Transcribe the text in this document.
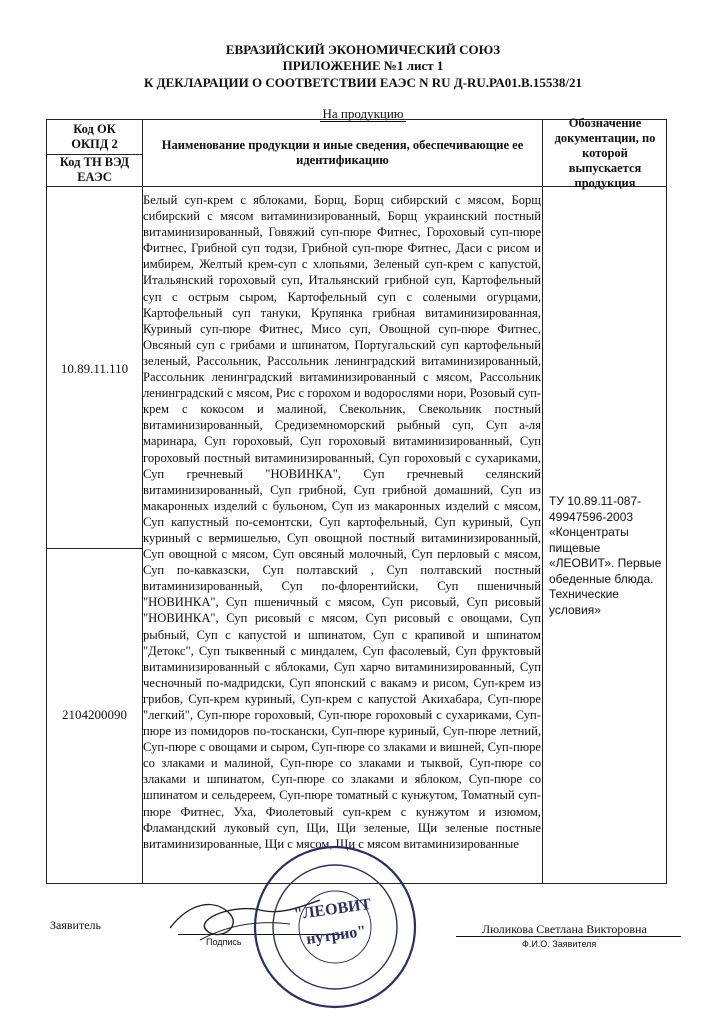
ЕВРАЗИЙСКИЙ ЭКОНОМИЧЕСКИЙ СОЮЗ
ПРИЛОЖЕНИЕ №1 лист 1
К ДЕКЛАРАЦИИ О СООТВЕТСТВИИ ЕАЭС N RU Д-RU.РА01.В.15538/21
На продукцию
Код ОК ОКПД 2
Код ТН ВЭД ЕАЭС
Наименование продукции и иные сведения, обеспечивающие ее идентификацию
Обозначение документации, по которой выпускается продукция
10.89.11.110
2104200090
Белый суп-крем с яблоками, Борщ, Борщ сибирский с мясом, Борщ сибирский с мясом витаминизированный, Борщ украинский постный витаминизированный, Говяжий суп-пюре Фитнес, Гороховый суп-пюре Фитнес, Грибной суп тодзи, Грибной суп-пюре Фитнес, Даси с рисом и имбирем, Желтый крем-суп с хлопьями, Зеленый суп-крем с капустой, Итальянский гороховый суп, Итальянский грибной суп, Картофельный суп с острым сыром, Картофельный суп с солеными огурцами, Картофельный суп тануки, Крупянка грибная витаминизированная, Куриный суп-пюре Фитнес, Мисо суп, Овощной суп-пюре Фитнес, Овсяный суп с грибами и шпинатом, Португальский суп картофельный зеленый, Рассольник, Рассольник ленинградский витаминизированный, Рассольник ленинградский витаминизированный с мясом, Рассольник ленинградский с мясом, Рис с горохом и водорослями нори, Розовый суп-крем с кокосом и малиной, Свекольник, Свекольник постный витаминизированный, Средиземноморский рыбный суп, Суп а-ля маринара, Суп гороховый, Суп гороховый витаминизированный, Суп гороховый постный витаминизированный, Суп гороховый с сухариками, Суп гречневый "НОВИНКА", Суп гречневый селянский витаминизированный, Суп грибной, Суп грибной домашний, Суп из макаронных изделий с бульоном, Суп из макаронных изделий с мясом, Суп капустный по-семонтски, Суп картофельный, Суп куриный, Суп куриный с вермишелью, Суп овощной постный витаминизированный, Суп овощной с мясом, Суп овсяный молочный, Суп перловый с мясом, Суп по-кавказски, Суп полтавский , Суп полтавский постный витаминизированный, Суп по-флорентийски, Суп пшеничный "НОВИНКА", Суп пшеничный с мясом, Суп рисовый, Суп рисовый "НОВИНКА", Суп рисовый с мясом, Суп рисовый с овощами, Суп рыбный, Суп с капустой и шпинатом, Суп с крапивой и шпинатом "Детокс", Суп тыквенный с миндалем, Суп фасолевый, Суп фруктовый витаминизированный с яблоками, Суп харчо витаминизированный, Суп чесночный по-мадридски, Суп японский с вакамэ и рисом, Суп-крем из грибов, Суп-крем куриный, Суп-крем с капустой Акихабара, Суп-пюре "легкий", Суп-пюре гороховый, Суп-пюре гороховый с сухариками, Суп-пюре из помидоров по-тоскански, Суп-пюре куриный, Суп-пюре летний, Суп-пюре с овощами и сыром, Суп-пюре со злаками и вишней, Суп-пюре со злаками и малиной, Суп-пюре со злаками и тыквой, Суп-пюре со злаками и шпинатом, Суп-пюре со злаками и яблоком, Суп-пюре со шпинатом и сельдереем, Суп-пюре томатный с кунжутом, Томатный суп-пюре Фитнес, Уха, Фиолетовый суп-крем с кунжутом и изюмом, Фламандский луковый суп, Щи, Щи зеленые, Щи зеленые постные витаминизированные, Щи с мясом, Щи с мясом витаминизированные
ТУ 10.89.11-087-49947596-2003 «Концентраты пищевые «ЛЕОВИТ». Первые обеденные блюда. Технические условия»
Заявитель
Подпись
Люликова Светлана Викторовна
Ф.И.О. Заявителя
"ЛЕОВИТ
нутрио"
